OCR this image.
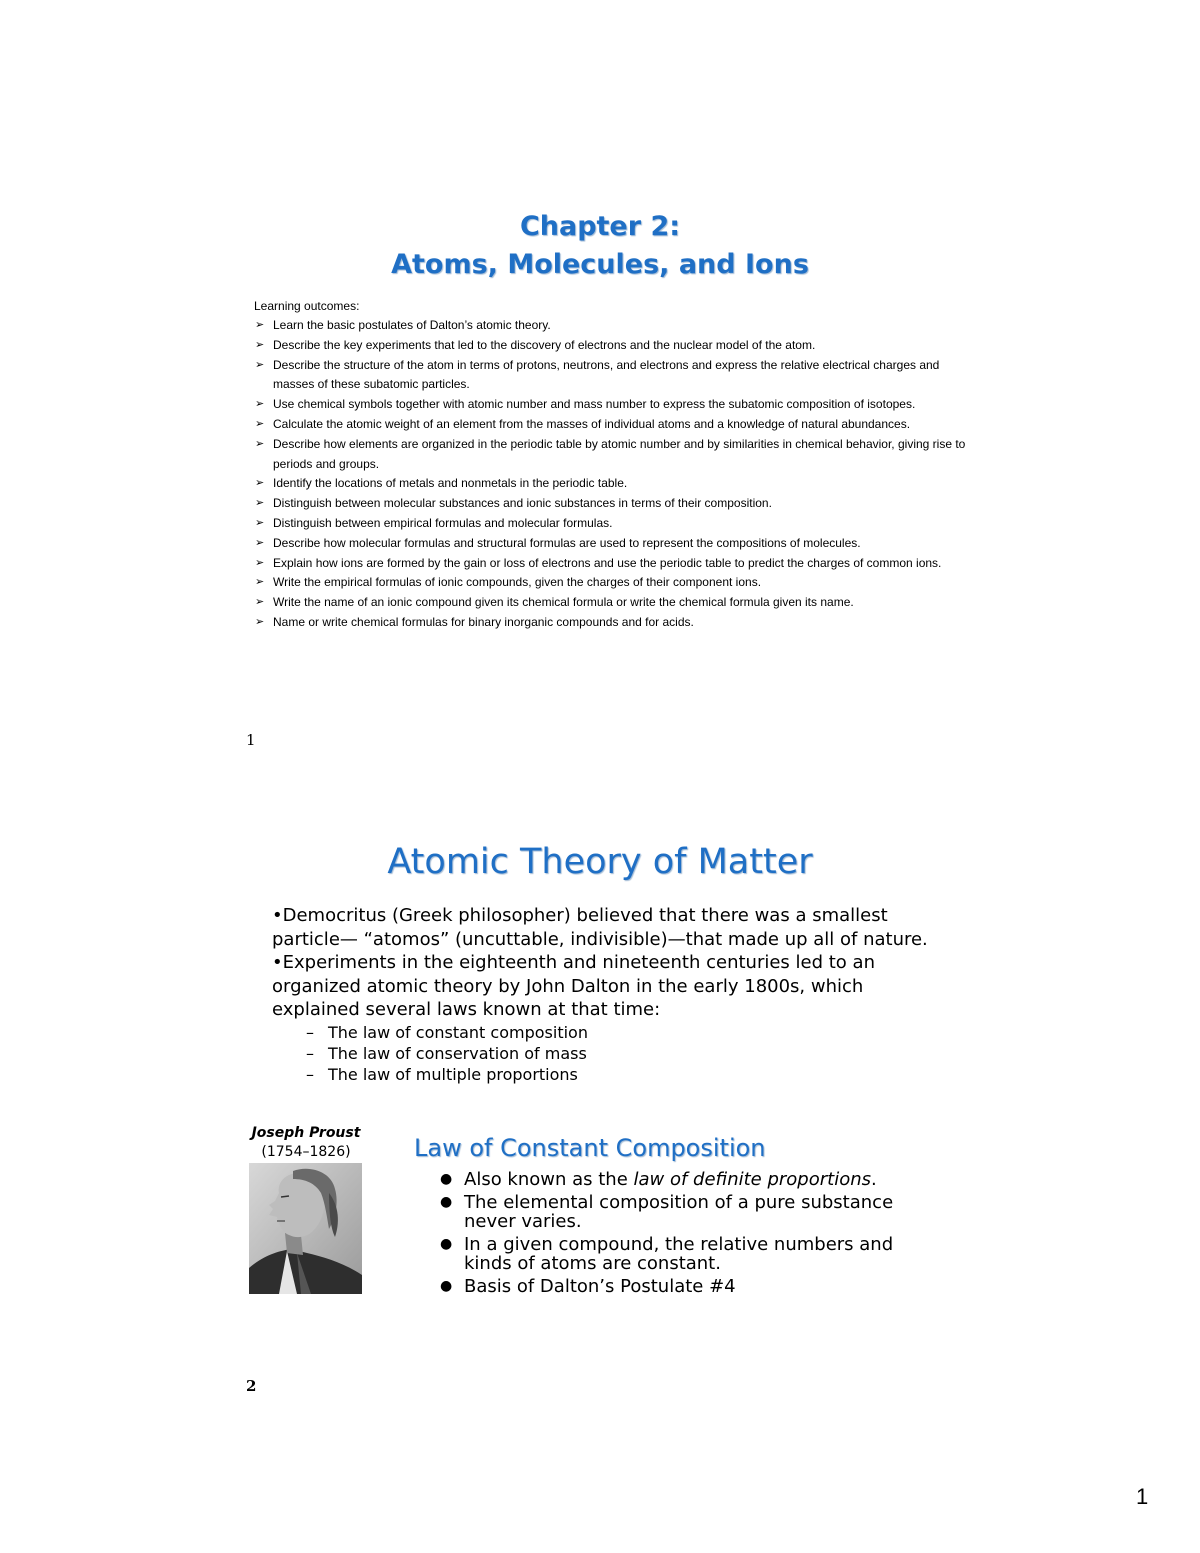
Chapter 2:
Atoms, Molecules, and Ions
Learning outcomes:
➢ Learn the basic postulates of Dalton’s atomic theory.
➢ Describe the key experiments that led to the discovery of electrons and the nuclear model of the atom.
➢ Describe the structure of the atom in terms of protons, neutrons, and electrons and express the relative electrical charges and masses of these subatomic particles.
➢ Use chemical symbols together with atomic number and mass number to express the subatomic composition of isotopes.
➢ Calculate the atomic weight of an element from the masses of individual atoms and a knowledge of natural abundances.
➢ Describe how elements are organized in the periodic table by atomic number and by similarities in chemical behavior, giving rise to periods and groups.
➢ Identify the locations of metals and nonmetals in the periodic table.
➢ Distinguish between molecular substances and ionic substances in terms of their composition.
➢ Distinguish between empirical formulas and molecular formulas.
➢ Describe how molecular formulas and structural formulas are used to represent the compositions of molecules.
➢ Explain how ions are formed by the gain or loss of electrons and use the periodic table to predict the charges of common ions.
➢ Write the empirical formulas of ionic compounds, given the charges of their component ions.
➢ Write the name of an ionic compound given its chemical formula or write the chemical formula given its name.
➢ Name or write chemical formulas for binary inorganic compounds and for acids.
1
Atomic Theory of Matter

•Democritus (Greek philosopher) believed that there was a smallest particle— “atomos” (uncuttable, indivisible)—that made up all of nature.

•Experiments in the eighteenth and nineteenth centuries led to an organized atomic theory by John Dalton in the early 1800s, which explained several laws known at that time:

– The law of constant composition
– The law of conservation of mass
– The law of multiple proportions
Joseph Proust
(1754–1826)	Law of Constant Composition
● Also known as the law of definite proportions.
● The elemental composition of a pure substance never varies.
● In a given compound, the relative numbers and kinds of atoms are constant.
● Basis of Dalton’s Postulate #4
2
1
